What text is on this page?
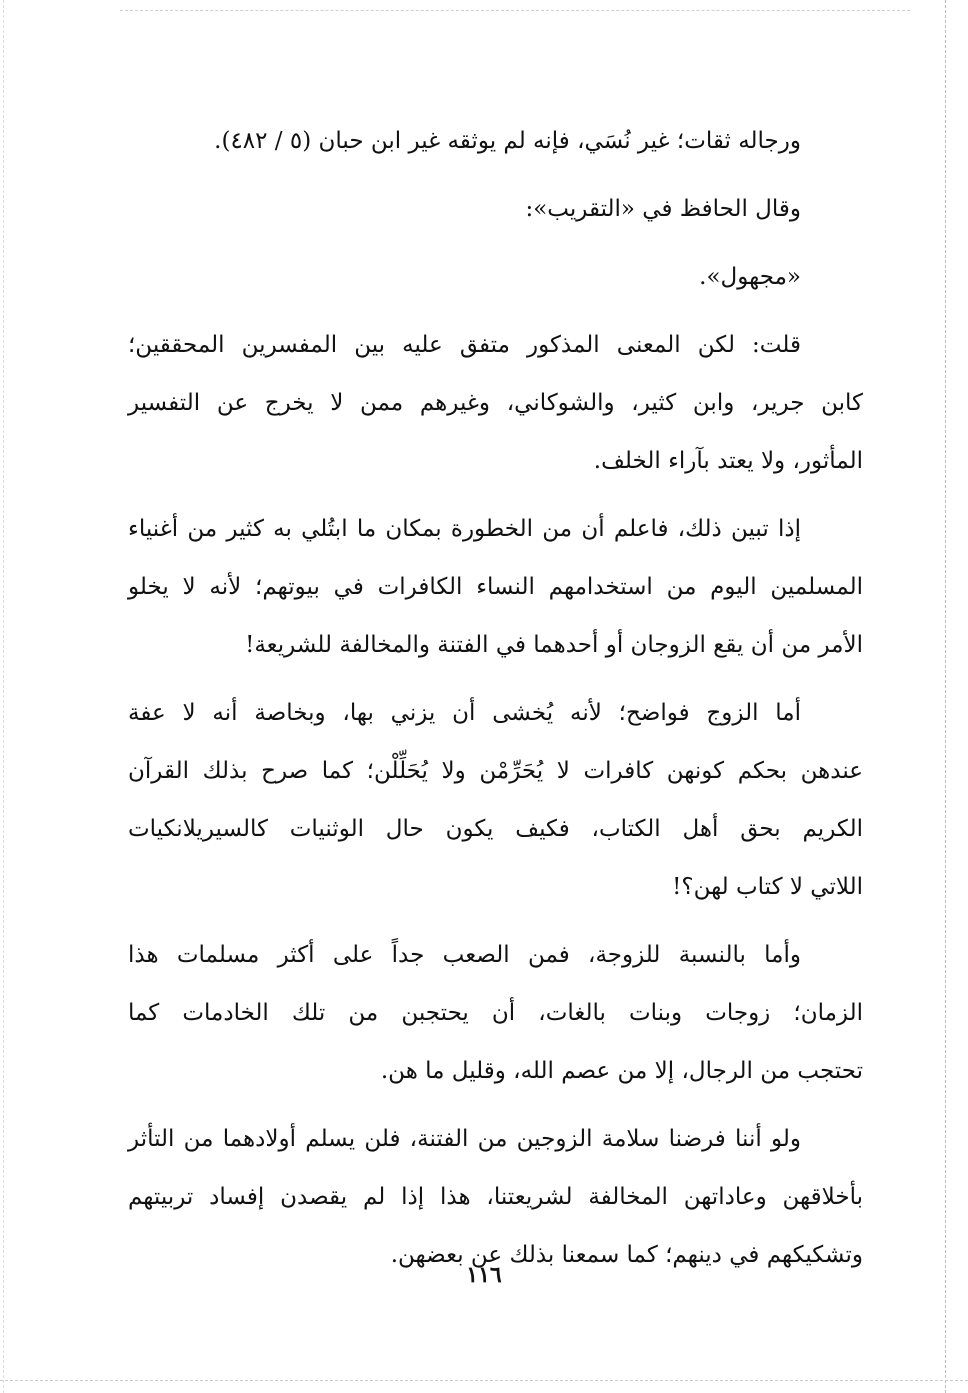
ورجاله ثقات؛ غير نُسَي، فإنه لم يوثقه غير ابن حبان (٥ / ٤٨٢).
وقال الحافظ في «التقريب»:
«مجهول».
قلت: لكن المعنى المذكور متفق عليه بين المفسرين المحققين؛
كابن جرير، وابن كثير، والشوكاني، وغيرهم ممن لا يخرج عن التفسير
المأثور، ولا يعتد بآراء الخلف.
إذا تبين ذلك، فاعلم أن من الخطورة بمكان ما ابتُلي به كثير من أغنياء
المسلمين اليوم من استخدامهم النساء الكافرات في بيوتهم؛ لأنه لا يخلو
الأمر من أن يقع الزوجان أو أحدهما في الفتنة والمخالفة للشريعة!
أما الزوج فواضح؛ لأنه يُخشى أن يزني بها، وبخاصة أنه لا عفة
عندهن بحكم كونهن كافرات لا يُحَرِّمْن ولا يُحَلِّلْن؛ كما صرح بذلك القرآن
الكريم بحق أهل الكتاب، فكيف يكون حال الوثنيات كالسيريلانكيات
اللاتي لا كتاب لهن؟!
وأما بالنسبة للزوجة، فمن الصعب جداً على أكثر مسلمات هذا
الزمان؛ زوجات وبنات بالغات، أن يحتجبن من تلك الخادمات كما
تحتجب من الرجال، إلا من عصم الله، وقليل ما هن.
ولو أننا فرضنا سلامة الزوجين من الفتنة، فلن يسلم أولادهما من التأثر
بأخلاقهن وعاداتهن المخالفة لشريعتنا، هذا إذا لم يقصدن إفساد تربيتهم
وتشكيكهم في دينهم؛ كما سمعنا بذلك عن بعضهن.
١١٦
